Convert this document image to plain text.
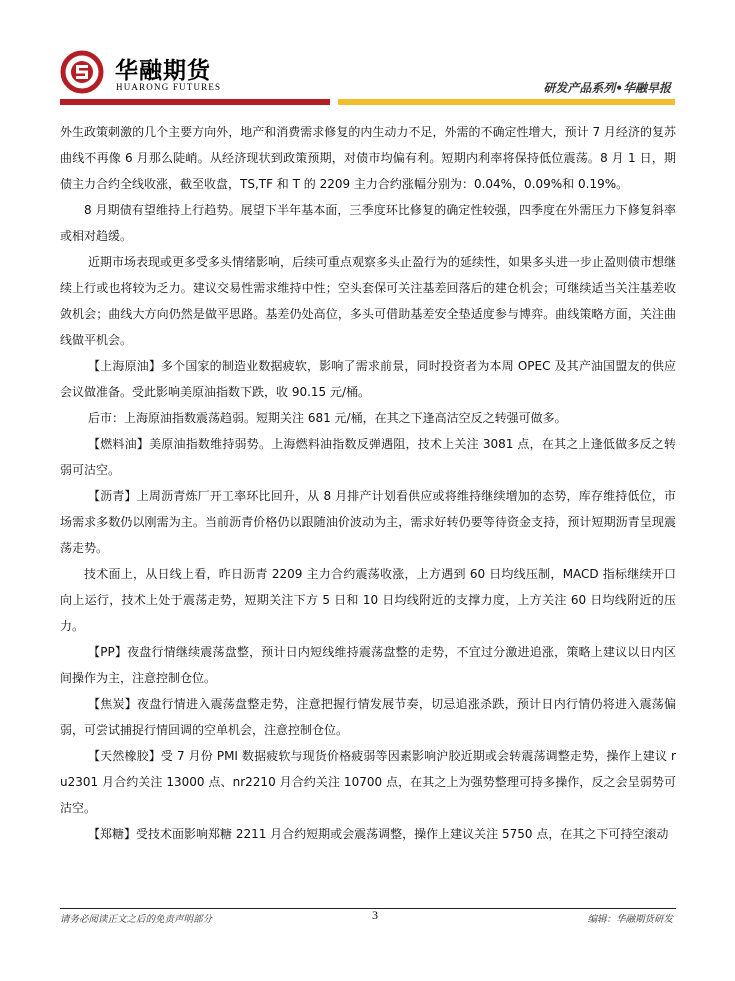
华融期货
HUARONG FUTURES	研发产品系列•华融早报

外生政策刺激的几个主要方向外，地产和消费需求修复的内生动力不足，外需的不确定性增大，预计 7 月经济的复苏曲线不再像 6 月那么陡峭。从经济现状到政策预期，对债市均偏有利。短期内利率将保持低位震荡。8 月 1 日，期债主力合约全线收涨，截至收盘，TS,TF 和 T 的 2209 主力合约涨幅分别为：0.04%，0.09%和 0.19%。

8 月期债有望维持上行趋势。展望下半年基本面，三季度环比修复的确定性较强，四季度在外需压力下修复斜率或相对趋缓。

近期市场表现或更多受多头情绪影响，后续可重点观察多头止盈行为的延续性，如果多头进一步止盈则债市想继续上行或也将较为乏力。建议交易性需求维持中性；空头套保可关注基差回落后的建仓机会；可继续适当关注基差收敛机会；曲线大方向仍然是做平思路。基差仍处高位，多头可借助基差安全垫适度参与博弈。曲线策略方面，关注曲线做平机会。

【上海原油】多个国家的制造业数据疲软，影响了需求前景，同时投资者为本周 OPEC 及其产油国盟友的供应会议做准备。受此影响美原油指数下跌，收 90.15 元/桶。

后市：上海原油指数震荡趋弱。短期关注 681 元/桶，在其之下逢高沽空反之转强可做多。

【燃料油】美原油指数维持弱势。上海燃料油指数反弹遇阻，技术上关注 3081 点，在其之上逢低做多反之转弱可沽空。

【沥青】上周沥青炼厂开工率环比回升，从 8 月排产计划看供应或将维持继续增加的态势，库存维持低位，市场需求多数仍以刚需为主。当前沥青价格仍以跟随油价波动为主，需求好转仍要等待资金支持，预计短期沥青呈现震荡走势。

技术面上，从日线上看，昨日沥青 2209 主力合约震荡收涨，上方遇到 60 日均线压制，MACD 指标继续开口向上运行，技术上处于震荡走势，短期关注下方 5 日和 10 日均线附近的支撑力度，上方关注 60 日均线附近的压力。

【PP】夜盘行情继续震荡盘整，预计日内短线维持震荡盘整的走势，不宜过分激进追涨，策略上建议以日内区间操作为主，注意控制仓位。

【焦炭】夜盘行情进入震荡盘整走势，注意把握行情发展节奏，切忌追涨杀跌，预计日内行情仍将进入震荡偏弱，可尝试捕捉行情回调的空单机会，注意控制仓位。

【天然橡胶】受 7 月份 PMI 数据疲软与现货价格疲弱等因素影响沪胶近期或会转震荡调整走势，操作上建议 ru2301 月合约关注 13000 点、nr2210 月合约关注 10700 点，在其之上为强势整理可持多操作，反之会呈弱势可沽空。

【郑糖】受技术面影响郑糖 2211 月合约短期或会震荡调整，操作上建议关注 5750 点，在其之下可持空滚动

请务必阅读正文之后的免责声明部分	3	编辑：华融期货研发
